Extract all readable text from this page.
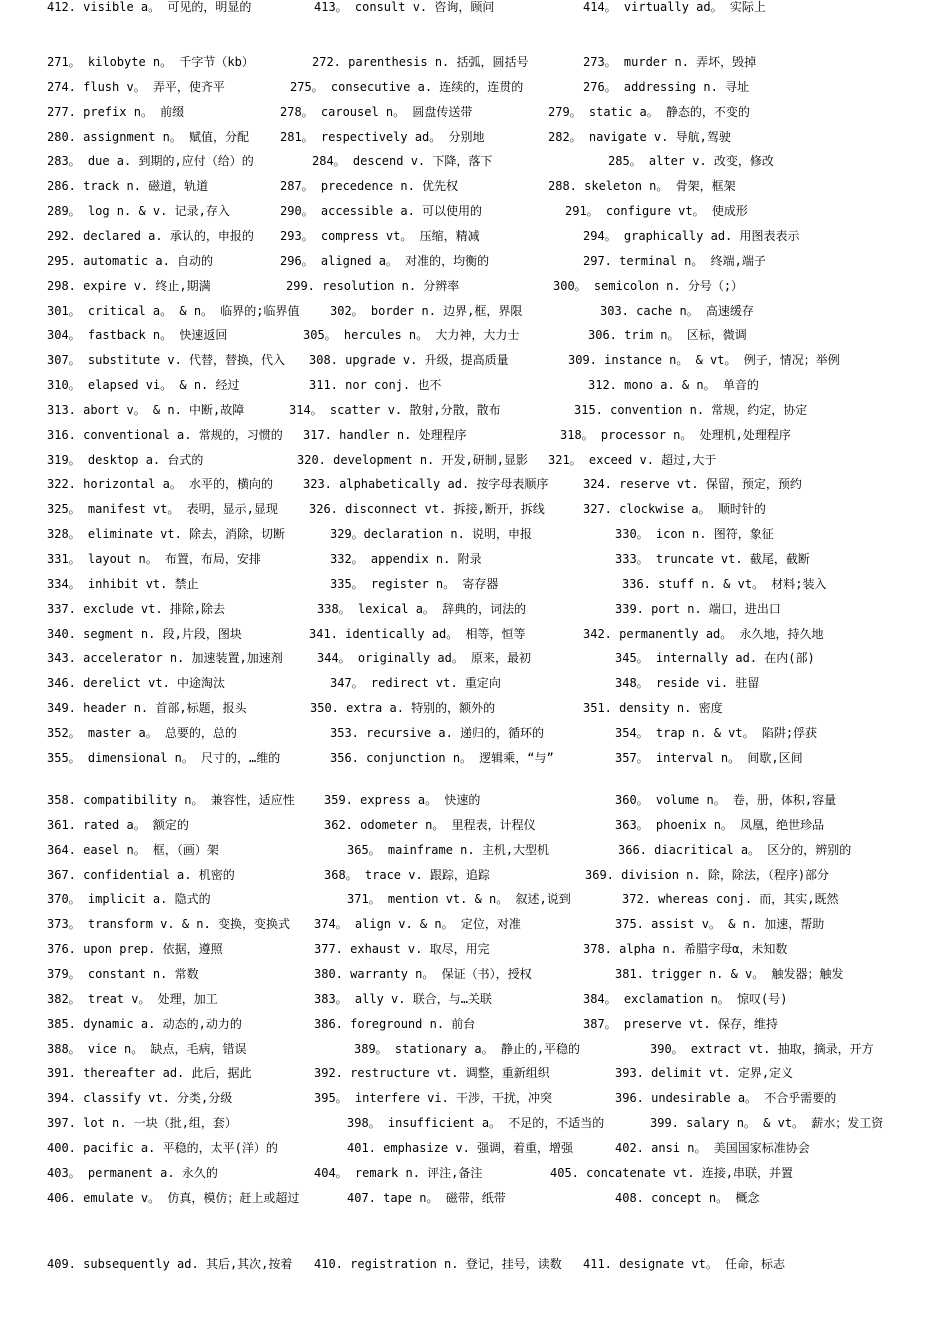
271。 kilobyte n。 千字节（kb）	272. parenthesis n. 括弧，圆括号	273。 murder n. 弄坏，毁掉
274. flush v。 弄平，使齐平	275。 consecutive a. 连续的，连贯的	276。 addressing n. 寻址
277. prefix n。 前缀	278。 carousel n。 圆盘传送带	279。 static a。 静态的，不变的
280. assignment n。 赋值，分配	281。 respectively ad。 分别地	282。 navigate v. 导航,驾驶
283。 due a. 到期的,应付（给）的	284。 descend v. 下降，落下	285。 alter v. 改变，修改
286. track n. 磁道，轨道	287。 precedence n. 优先权	288. skeleton n。 骨架，框架
289。 log n. & v. 记录,存入	290。 accessible a. 可以使用的	291。 configure vt。 使成形
292. declared a. 承认的，申报的 293。 compress vt。 压缩，精减	294。 graphically ad. 用图表表示
295. automatic a. 自动的	296。 aligned a。 对准的，均衡的	297. terminal n。 终端,端子
298. expire v. 终止,期满	299. resolution n. 分辨率	300。 semicolon n. 分号（;）
301。 critical a。 & n。 临界的;临界值	302。 border n. 边界,框，界限	303. cache n。 高速缓存
304。 fastback n。 快速返回	305。 hercules n。 大力神，大力士	306. trim n。 区标，微调
307。 substitute v. 代替，替换，代入 308. upgrade v. 升级，提高质量	309. instance n。 & vt。 例子，情况；举例
310。 elapsed vi。 & n. 经过	311. nor conj. 也不	312. mono a. & n。 单音的
313. abort v。 & n. 中断,故障	314。 scatter v. 散射,分散，散布	315. convention n. 常规，约定，协定
316. conventional a. 常规的，习惯的 317. handler n. 处理程序	318。 processor n。 处理机,处理程序
319。 desktop a. 台式的	320. development n. 开发,研制,显影 321。 exceed v. 超过,大于
322. horizontal a。 水平的，横向的 323. alphabetically ad. 按字母表顺序	324. reserve vt. 保留，预定，预约
325。 manifest vt。 表明，显示,显现	326. disconnect vt. 拆接,断开，拆线	327. clockwise a。 顺时针的
328。 eliminate vt. 除去，消除，切断	329。declaration n. 说明，申报	330。 icon n. 图符，象征
331。 layout n。 布置，布局，安排	332。 appendix n. 附录	333。 truncate vt. 截尾，截断
334。 inhibit vt. 禁止	335。 register n。 寄存器	336. stuff n. & vt。 材料;装入
337. exclude vt. 排除,除去	338。 lexical a。 辞典的，词法的	339. port n. 端口，进出口
340. segment n. 段,片段，图块	341. identically ad。 相等，恒等	342. permanently ad。 永久地，持久地
343. accelerator n. 加速装置,加速剂	344。 originally ad。 原来，最初	345。 internally ad. 在内(部)
346. derelict vt. 中途淘汰	347。 redirect vt. 重定向	348。 reside vi. 驻留
349. header n. 首部,标题，报头	350. extra a. 特别的，额外的	351. density n. 密度
352。 master a。 总要的，总的	353. recursive a. 递归的，循环的	354。 trap n. & vt。 陷阱;俘获
355。 dimensional n。 尺寸的，…维的	356. conjunction n。 逻辑乘，“与”	357。 interval n。 间歇,区间
358. compatibility n。 兼容性，适应性 359. express a。 快速的	360。 volume n。 卷，册，体积,容量
361. rated a。 额定的	362. odometer n。 里程表，计程仪	363。 phoenix n。 凤凰，绝世珍品
364. easel n。 框，（画）架	365。 mainframe n. 主机,大型机	366. diacritical a。 区分的，辨别的
367. confidential a. 机密的	368。 trace v. 跟踪，追踪	369. division n. 除，除法，（程序)部分
370。 implicit a. 隐式的	371。 mention vt. & n。 叙述,说到	372. whereas conj. 而，其实,既然
373。 transform v. & n. 变换，变换式 374。 align v. & n。 定位，对准	375. assist v。 & n. 加速，帮助
376. upon prep. 依据，遵照	377. exhaust v. 取尽，用完	378. alpha n. 希腊字母α，未知数
379。 constant n. 常数	380. warranty n。 保证（书），授权	381. trigger n. & v。 触发器；触发
382。 treat v。 处理，加工	383。 ally v. 联合，与…关联	384。 exclamation n。 惊叹(号)
385. dynamic a. 动态的,动力的	386. foreground n. 前台	387。 preserve vt. 保存，维持
388。 vice n。 缺点，毛病，错误	389。 stationary a。 静止的,平稳的	390。 extract vt. 抽取，摘录，开方
391. thereafter ad. 此后，据此	392. restructure vt. 调整，重新组织	393. delimit vt. 定界,定义
394. classify vt. 分类,分级	395。 interfere vi. 干涉，干扰，冲突	396. undesirable a。 不合乎需要的
397. lot n. 一块（批,组，套）	398。 insufficient a。 不足的，不适当的	399. salary n。 & vt。 薪水；发工资
400. pacific a. 平稳的，太平(洋）的	401. emphasize v. 强调，着重，增强	402. ansi n。 美国国家标准协会
403。 permanent a. 永久的	404。 remark n. 评注,备注	405. concatenate vt. 连接,串联，并置
406. emulate v。 仿真，模仿；赶上或超过	407. tape n。 磁带，纸带	408. concept n。 概念
409. subsequently ad. 其后,其次,按着 410. registration n. 登记，挂号，读数 411. designate vt。 任命，标志
412. visible a。 可见的，明显的	413。 consult v. 咨询，顾问	414。 virtually ad。 实际上
